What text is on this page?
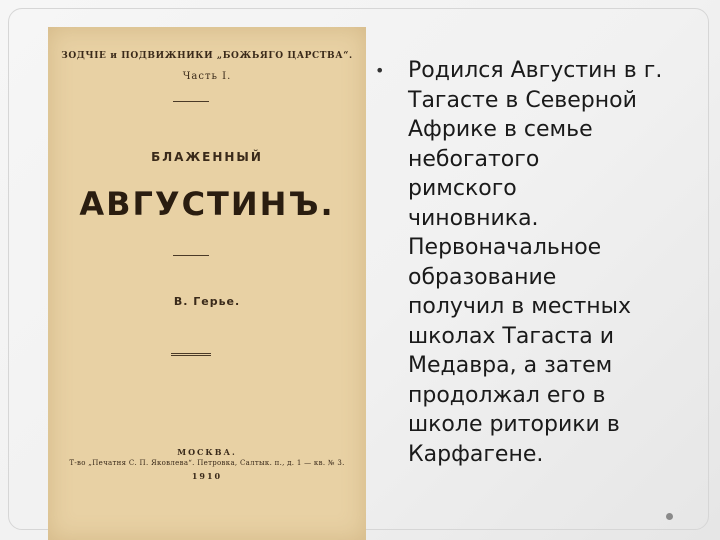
ЗОДЧІЕ и ПОДВИЖНИКИ „БОЖЬЯГО ЦАРСТВА“.
Часть I.
БЛАЖЕННЫЙ
АВГУСТИНЪ.
В. Герье.
МОСКВА.
Т-во „Печатня С. П. Яковлева“. Петровка, Салтык. п., д. 1 — кв. № 3.
1910
• Родился Августин в г.
Тагасте в Северной
Африке в семье
небогатого
римского
чиновника.
Первоначальное
образование
получил в местных
школах Тагаста и
Медавра, а затем
продолжал его в
школе риторики в
Карфагене.
